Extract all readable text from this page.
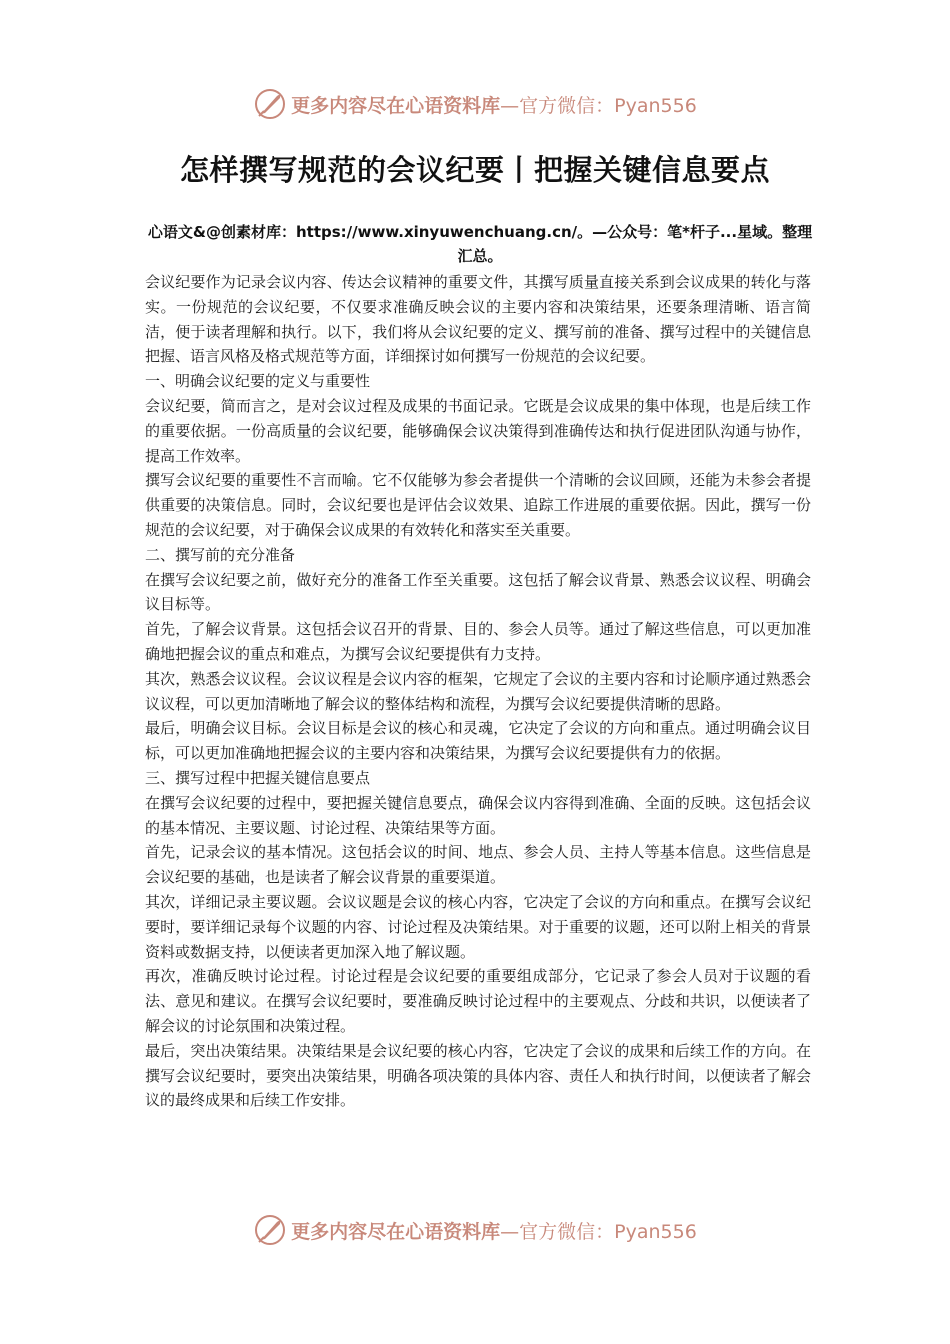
更多内容尽在心语资料库 —官方微信：Pyan556
怎样撰写规范的会议纪要丨把握关键信息要点
心语文&@创素材库：https://www.xinyuwenchuang.cn/。—公众号：笔*杆子...星域。整理汇总。

会议纪要作为记录会议内容、传达会议精神的重要文件，其撰写质量直接关系到会议成果的转化与落实。一份规范的会议纪要，不仅要求准确反映会议的主要内容和决策结果，还要条理清晰、语言简洁，便于读者理解和执行。以下，我们将从会议纪要的定义、撰写前的准备、撰写过程中的关键信息把握、语言风格及格式规范等方面，详细探讨如何撰写一份规范的会议纪要。

一、明确会议纪要的定义与重要性

会议纪要，简而言之，是对会议过程及成果的书面记录。它既是会议成果的集中体现，也是后续工作的重要依据。一份高质量的会议纪要，能够确保会议决策得到准确传达和执行促进团队沟通与协作，提高工作效率。

撰写会议纪要的重要性不言而喻。它不仅能够为参会者提供一个清晰的会议回顾，还能为未参会者提供重要的决策信息。同时，会议纪要也是评估会议效果、追踪工作进展的重要依据。因此，撰写一份规范的会议纪要，对于确保会议成果的有效转化和落实至关重要。

二、撰写前的充分准备

在撰写会议纪要之前，做好充分的准备工作至关重要。这包括了解会议背景、熟悉会议议程、明确会议目标等。

首先，了解会议背景。这包括会议召开的背景、目的、参会人员等。通过了解这些信息，可以更加准确地把握会议的重点和难点，为撰写会议纪要提供有力支持。

其次，熟悉会议议程。会议议程是会议内容的框架，它规定了会议的主要内容和讨论顺序通过熟悉会议议程，可以更加清晰地了解会议的整体结构和流程，为撰写会议纪要提供清晰的思路。

最后，明确会议目标。会议目标是会议的核心和灵魂，它决定了会议的方向和重点。通过明确会议目标，可以更加准确地把握会议的主要内容和决策结果，为撰写会议纪要提供有力的依据。

三、撰写过程中把握关键信息要点

在撰写会议纪要的过程中，要把握关键信息要点，确保会议内容得到准确、全面的反映。这包括会议的基本情况、主要议题、讨论过程、决策结果等方面。

首先，记录会议的基本情况。这包括会议的时间、地点、参会人员、主持人等基本信息。这些信息是会议纪要的基础，也是读者了解会议背景的重要渠道。

其次，详细记录主要议题。会议议题是会议的核心内容，它决定了会议的方向和重点。在撰写会议纪要时，要详细记录每个议题的内容、讨论过程及决策结果。对于重要的议题，还可以附上相关的背景资料或数据支持，以便读者更加深入地了解议题。

再次，准确反映讨论过程。讨论过程是会议纪要的重要组成部分，它记录了参会人员对于议题的看法、意见和建议。在撰写会议纪要时，要准确反映讨论过程中的主要观点、分歧和共识，以便读者了解会议的讨论氛围和决策过程。

最后，突出决策结果。决策结果是会议纪要的核心内容，它决定了会议的成果和后续工作的方向。在撰写会议纪要时，要突出决策结果，明确各项决策的具体内容、责任人和执行时间，以便读者了解会议的最终成果和后续工作安排。

更多内容尽在心语资料库 —官方微信：Pyan556
